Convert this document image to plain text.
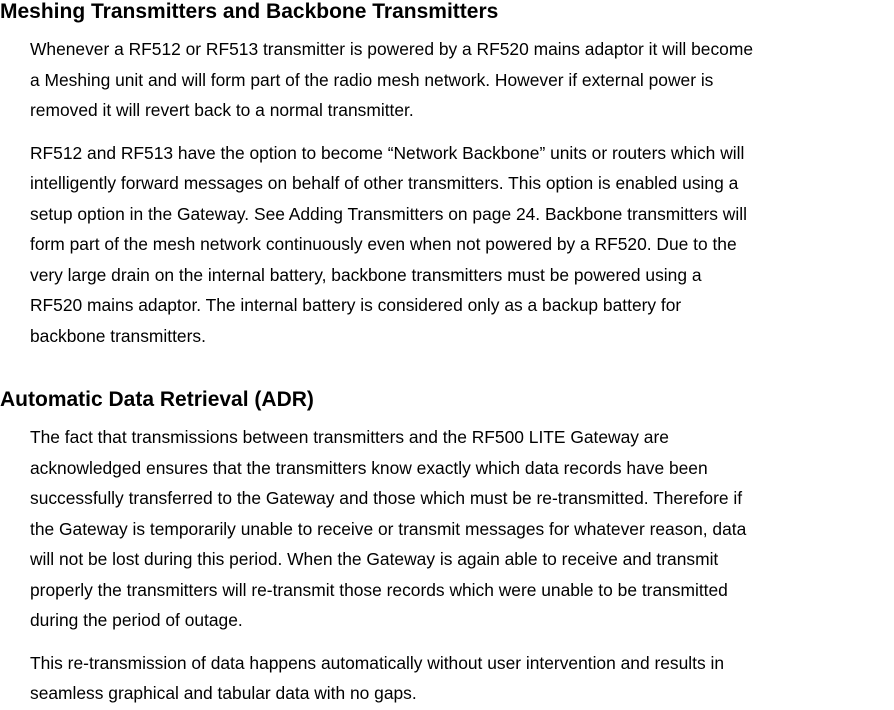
Meshing Transmitters and Backbone Transmitters

Whenever a RF512 or RF513 transmitter is powered by a RF520 mains adaptor it will become
a Meshing unit and will form part of the radio mesh network. However if external power is
removed it will revert back to a normal transmitter.

RF512 and RF513 have the option to become “Network Backbone” units or routers which will
intelligently forward messages on behalf of other transmitters. This option is enabled using a
setup option in the Gateway. See Adding Transmitters on page 24. Backbone transmitters will
form part of the mesh network continuously even when not powered by a RF520. Due to the
very large drain on the internal battery, backbone transmitters must be powered using a
RF520 mains adaptor. The internal battery is considered only as a backup battery for
backbone transmitters.

Automatic Data Retrieval (ADR)

The fact that transmissions between transmitters and the RF500 LITE Gateway are
acknowledged ensures that the transmitters know exactly which data records have been
successfully transferred to the Gateway and those which must be re-transmitted. Therefore if
the Gateway is temporarily unable to receive or transmit messages for whatever reason, data
will not be lost during this period. When the Gateway is again able to receive and transmit
properly the transmitters will re-transmit those records which were unable to be transmitted
during the period of outage.

This re-transmission of data happens automatically without user intervention and results in
seamless graphical and tabular data with no gaps.
